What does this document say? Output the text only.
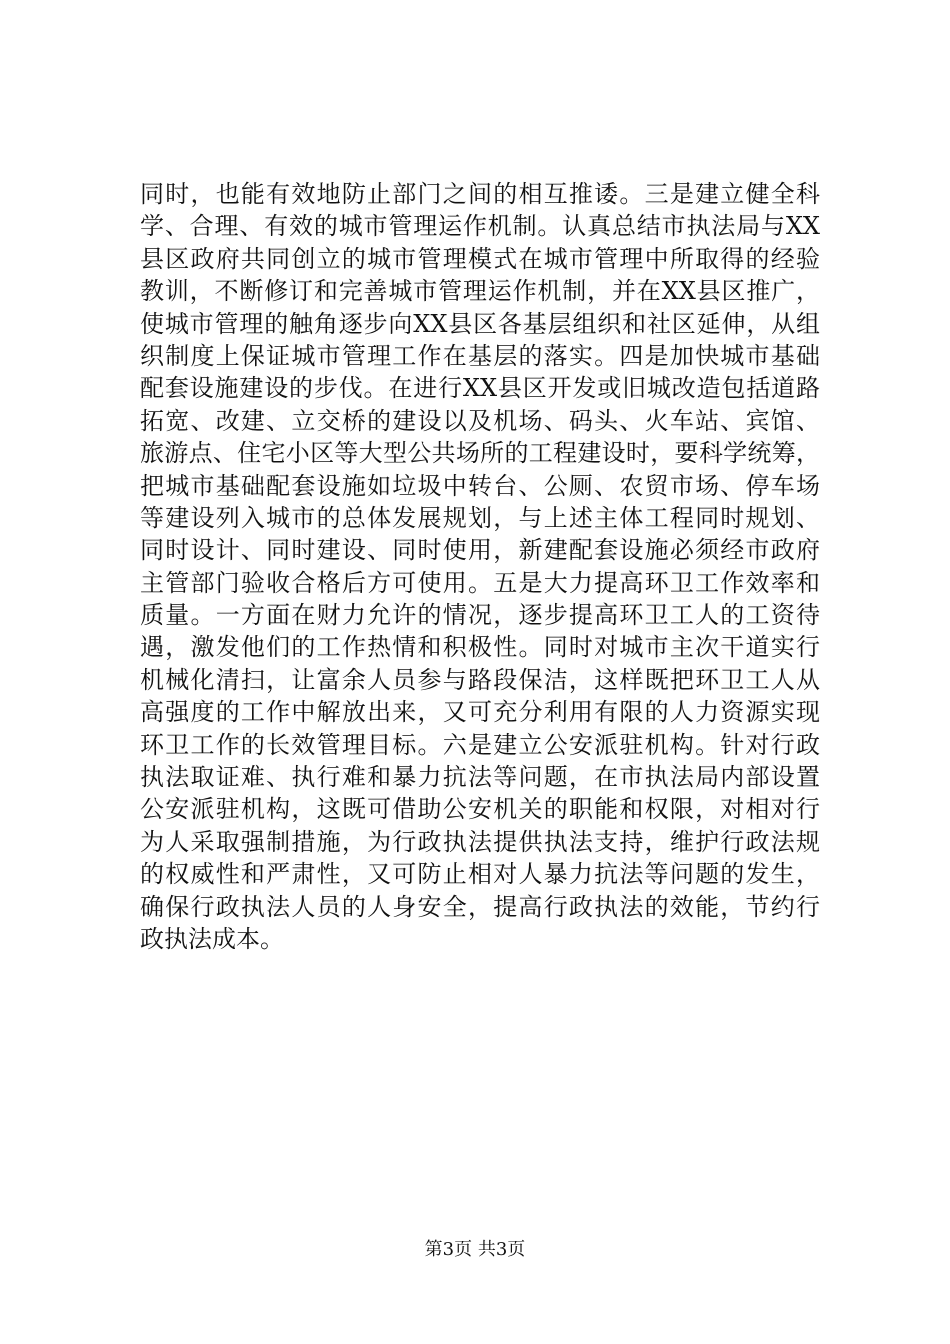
同时，也能有效地防止部门之间的相互推诿。三是建立健全科
学、合理、有效的城市管理运作机制。认真总结市执法局与XX
县区政府共同创立的城市管理模式在城市管理中所取得的经验
教训，不断修订和完善城市管理运作机制，并在XX县区推广，
使城市管理的触角逐步向XX县区各基层组织和社区延伸，从组
织制度上保证城市管理工作在基层的落实。四是加快城市基础
配套设施建设的步伐。在进行XX县区开发或旧城改造包括道路
拓宽、改建、立交桥的建设以及机场、码头、火车站、宾馆、
旅游点、住宅小区等大型公共场所的工程建设时，要科学统筹，
把城市基础配套设施如垃圾中转台、公厕、农贸市场、停车场
等建设列入城市的总体发展规划，与上述主体工程同时规划、
同时设计、同时建设、同时使用，新建配套设施必须经市政府
主管部门验收合格后方可使用。五是大力提高环卫工作效率和
质量。一方面在财力允许的情况，逐步提高环卫工人的工资待
遇，激发他们的工作热情和积极性。同时对城市主次干道实行
机械化清扫，让富余人员参与路段保洁，这样既把环卫工人从
高强度的工作中解放出来，又可充分利用有限的人力资源实现
环卫工作的长效管理目标。六是建立公安派驻机构。针对行政
执法取证难、执行难和暴力抗法等问题，在市执法局内部设置
公安派驻机构，这既可借助公安机关的职能和权限，对相对行
为人采取强制措施，为行政执法提供执法支持，维护行政法规
的权威性和严肃性，又可防止相对人暴力抗法等问题的发生，
确保行政执法人员的人身安全，提高行政执法的效能，节约行
政执法成本。
第3页 共3页
